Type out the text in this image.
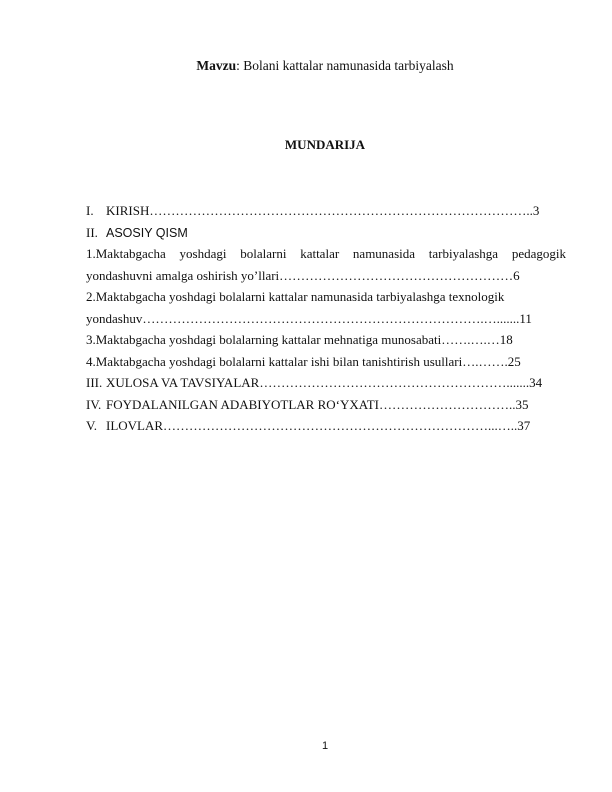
Mavzu: Bolani kattalar namunasida tarbiyalash
MUNDARIJA
I. KIRISH……………………………………………………………………………..3
II. ASOSIY QISM
1.Maktabgacha yoshdagi bolalarni kattalar namunasida tarbiyalashga pedagogik
yondashuvni amalga oshirish yo’llari………………………………………………6
2.Maktabgacha yoshdagi bolalarni kattalar namunasida tarbiyalashga texnologik
yondashuv…………………………………………………………………….….......11
3.Maktabgacha yoshdagi bolalarning kattalar mehnatiga munosabati…….….…18
4.Maktabgacha yoshdagi bolalarni kattalar ishi bilan tanishtirish usullari….…….25
III. XULOSA VA TAVSIYALAR………………………………………………….......34
IV. FOYDALANILGAN ADABIYOTLAR RO‘YXATI…………………………..35
V. ILOVLAR…………………………………………………………………...…..37
1
